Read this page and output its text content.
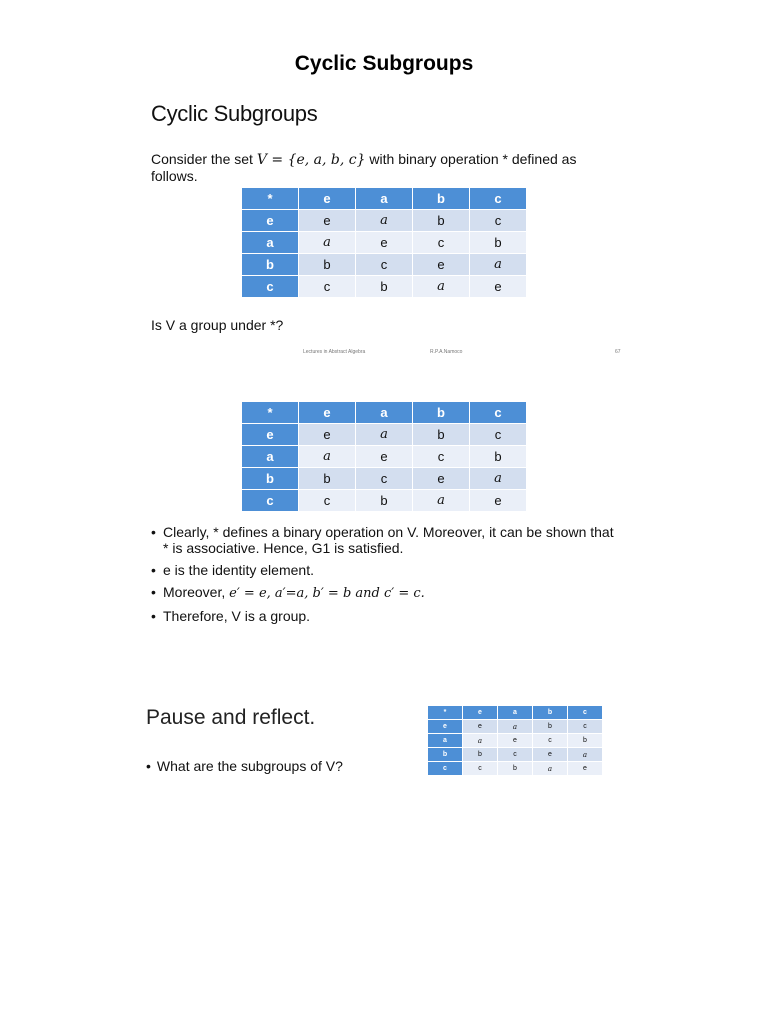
Cyclic Subgroups
Cyclic Subgroups
Consider the set V = {e, a, b, c} with binary operation * defined as follows.
*	e	a	b	c
e	e	a	b	c
a	a	e	c	b
b	b	c	e	a
c	c	b	a	e
Is V a group under *?
Lectures in Abstract Algebra	R.P.A.Namoco	67
*	e	a	b	c
e	e	a	b	c
a	a	e	c	b
b	b	c	e	a
c	c	b	a	e
• Clearly, * defines a binary operation on V. Moreover, it can be shown that * is associative. Hence, G1 is satisfied.
• e is the identity element.
• Moreover, e′ = e, a′=a, b′ = b and c′ = c.
• Therefore, V is a group.
Pause and reflect.
• What are the subgroups of V?
*	e	a	b	c
e	e	a	b	c
a	a	e	c	b
b	b	c	e	a
c	c	b	a	e
